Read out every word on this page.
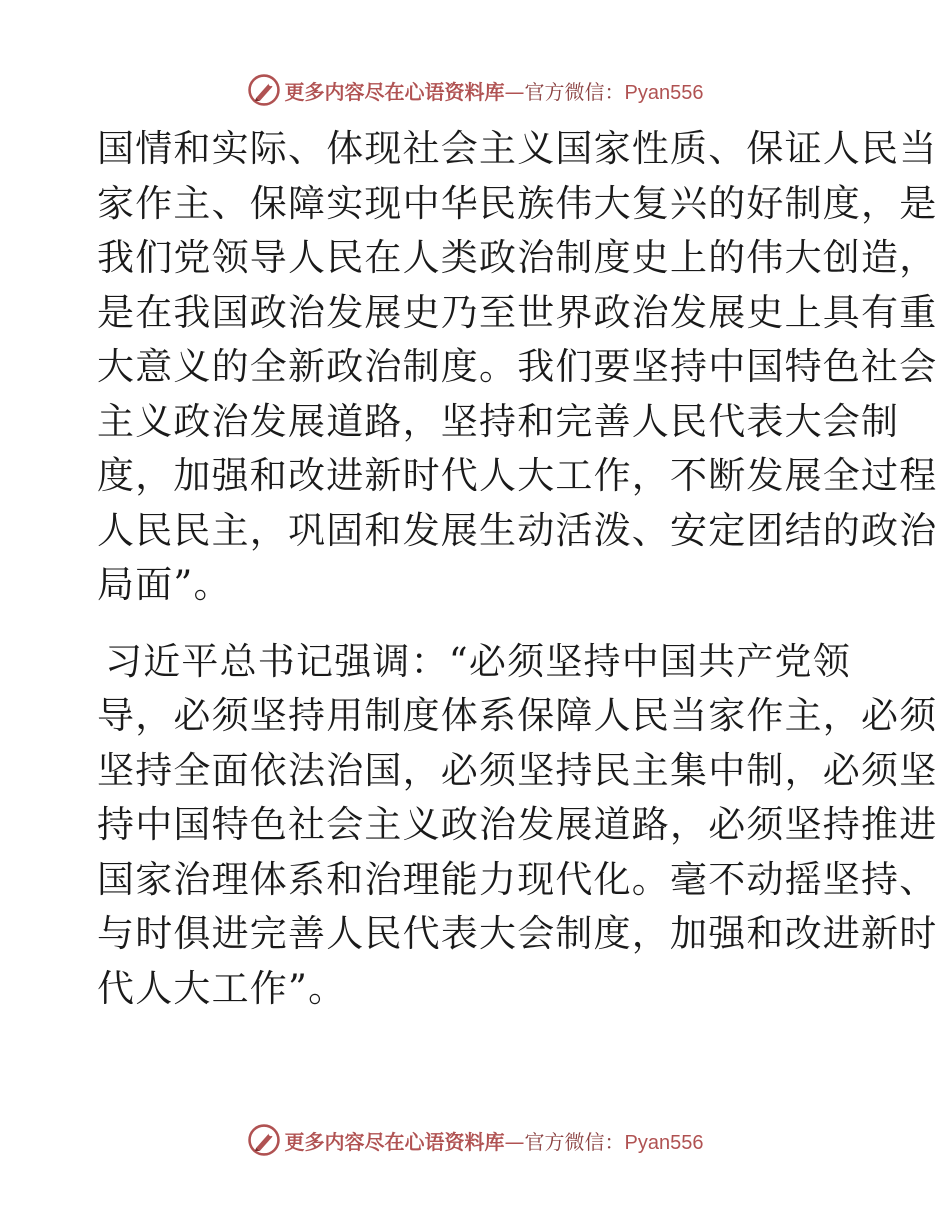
更多内容尽在心语资料库—官方微信：Pyan556

国情和实际、体现社会主义国家性质、保证人民当
家作主、保障实现中华民族伟大复兴的好制度，是
我们党领导人民在人类政治制度史上的伟大创造，
是在我国政治发展史乃至世界政治发展史上具有重
大意义的全新政治制度。我们要坚持中国特色社会
主义政治发展道路，坚持和完善人民代表大会制
度，加强和改进新时代人大工作，不断发展全过程
人民民主，巩固和发展生动活泼、安定团结的政治
局面”。

习近平总书记强调：“必须坚持中国共产党领
导，必须坚持用制度体系保障人民当家作主，必须
坚持全面依法治国，必须坚持民主集中制，必须坚
持中国特色社会主义政治发展道路，必须坚持推进
国家治理体系和治理能力现代化。毫不动摇坚持、
与时俱进完善人民代表大会制度，加强和改进新时
代人大工作”。

更多内容尽在心语资料库—官方微信：Pyan556
